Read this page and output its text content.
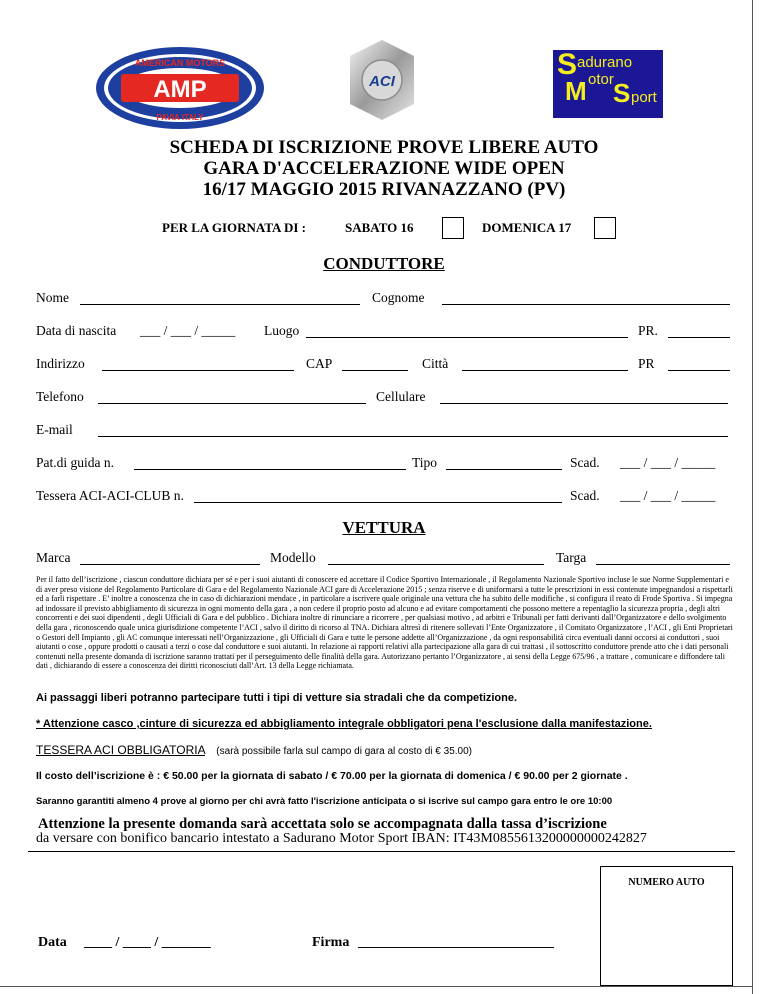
AMP
AMERICAN MOTORS
PAVIA ITALY
ACI
S adurano
M otor S port
SCHEDA DI ISCRIZIONE PROVE LIBERE AUTO
GARA D'ACCELERAZIONE WIDE OPEN
16/17 MAGGIO 2015 RIVANAZZANO (PV)
PER LA GIORNATA DI :	SABATO 16	DOMENICA 17
CONDUTTORE
Nome	Cognome
Data di nascita ___ / ___ / _____ Luogo	PR.
Indirizzo	CAP	Città	PR
Telefono	Cellulare
E-mail
Pat.di guida n.	Tipo	Scad. ___ / ___ / _____
Tessera ACI-ACI-CLUB n.	Scad. ___ / ___ / _____
VETTURA
Marca	Modello	Targa
Per il fatto dell’iscrizione , ciascun conduttore dichiara per sé e per i suoi aiutanti di conoscere ed accettare il Codice Sportivo Internazionale , il Regolamento Nazionale Sportivo incluse le sue Norme Supplementari e di aver preso visione del Regolamento Particolare di Gara e del Regolamento Nazionale ACI gare di Accelerazione 2015 ; senza riserve e di uniformarsi a tutte le prescrizioni in essi contenute impegnandosi a rispettarli ed a farli rispettare . E’ inoltre a conoscenza che in caso di dichiarazioni mendace , in particolare a iscrivere quale originale una vettura che ha subito delle modifiche , si configura il reato di Frode Sportiva . Si impegna ad indossare il previsto abbigliamento di sicurezza in ogni momento della gara , a non cedere il proprio posto ad alcuno e ad evitare comportamenti che possono mettere a repentaglio la sicurezza propria , degli altri concorrenti e dei suoi dipendenti , degli Ufficiali di Gara e del pubblico . Dichiara inoltre di rinunciare a ricorrere , per qualsiasi motivo , ad arbitri e Tribunali per fatti derivanti dall’Organizzatore e dello svolgimento della gara , riconoscendo quale unica giurisdizione competente l’ACI , salvo il diritto di ricorso al TNA. Dichiara altresì di ritenere sollevati l’Ente Organizzatore , il Comitato Organizzatore , l’ACI , gli Enti Proprietari o Gestori dell Impianto , gli AC comunque interessati nell’Organizzazione , gli Ufficiali di Gara e tutte le persone addette all’Organizzazione , da ogni responsabilità circa eventuali danni occorsi ai conduttori , suoi aiutanti o cose , oppure prodotti o causati a terzi o cose dal conduttore e suoi aiutanti. In relazione ai rapporti relativi alla partecipazione alla gara di cui trattasi , il sottoscritto conduttore prende atto che i dati personali contenuti nella presente domanda di iscrizione saranno trattati per il perseguimento delle finalità della gara. Autorizzano pertanto l’Organizzatore , ai sensi della Legge 675/96 , a trattare , comunicare e diffondere tali dati , dichiarando di essere a conoscenza dei diritti riconosciuti dall’Art. 13 della Legge richiamata.
Ai passaggi liberi potranno partecipare tutti i tipi di vetture sia stradali che da competizione.
* Attenzione casco ,cinture di sicurezza ed abbigliamento integrale obbligatori pena l'esclusione dalla manifestazione.
TESSERA ACI OBBLIGATORIA (sarà possibile farla sul campo di gara al costo di € 35.00)
Il costo dell’iscrizione è : € 50.00 per la giornata di sabato / € 70.00 per la giornata di domenica / € 90.00 per 2 giornate .
Saranno garantiti almeno 4 prove al giorno per chi avrà fatto l'iscrizione anticipata o si iscrive sul campo gara entro le ore 10:00
Attenzione la presente domanda sarà accettata solo se accompagnata dalla tassa d’iscrizione
da versare con bonifico bancario intestato a Sadurano Motor Sport IBAN: IT43M0855613200000000242827
NUMERO AUTO
Data ____ / ____ / _______	Firma ____________________________
